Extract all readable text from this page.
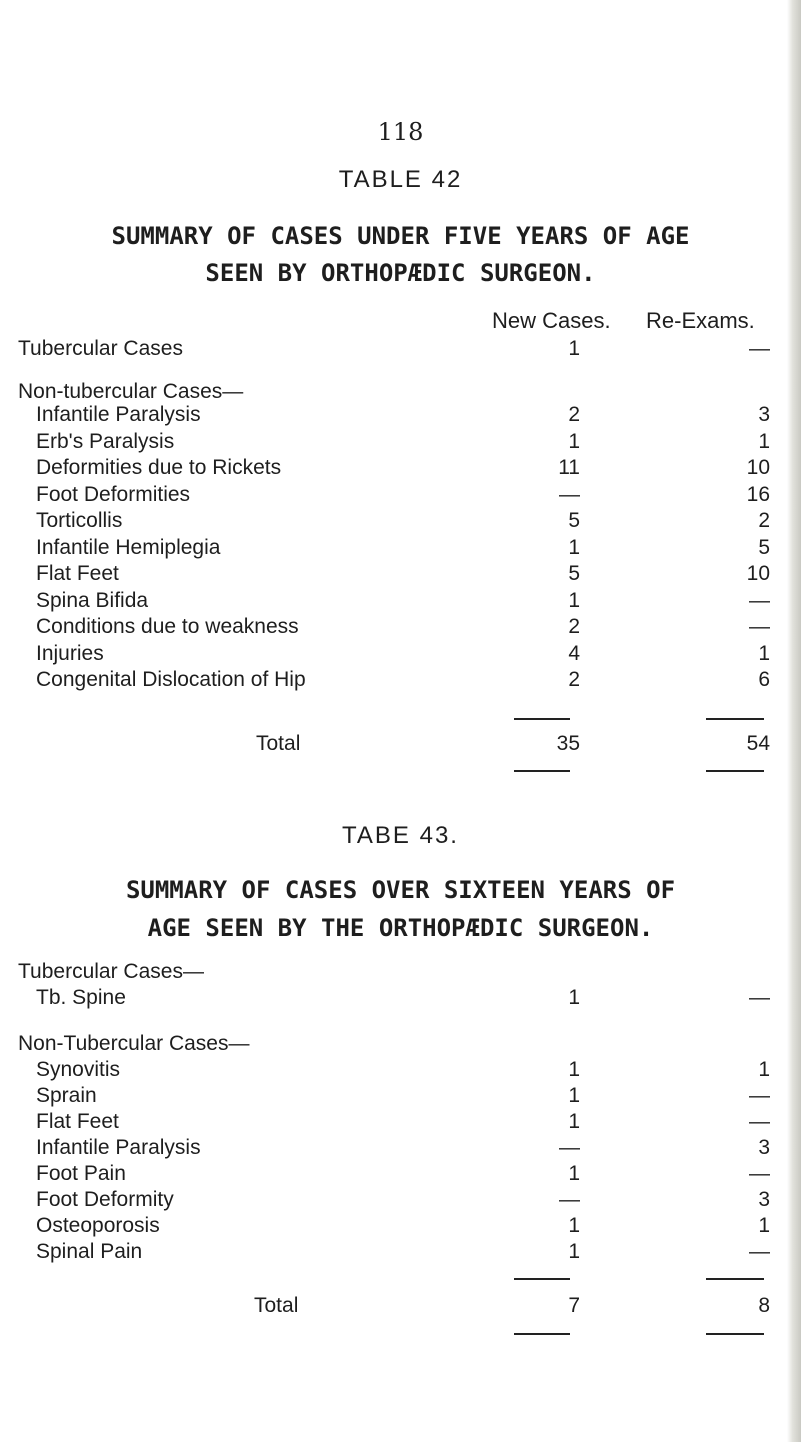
118
TABLE 42
SUMMARY OF CASES UNDER FIVE YEARS OF AGE
SEEN BY ORTHOPÆDIC SURGEON.
New Cases. Re-Exams.
Tubercular Cases	1	—
Non-tubercular Cases—
Infantile Paralysis	2	3
Erb's Paralysis	1	1
Deformities due to Rickets	11	10
Foot Deformities	—	16
Torticollis	5	2
Infantile Hemiplegia	1	5
Flat Feet	5	10
Spina Bifida	1	—
Conditions due to weakness	2	—
Injuries	4	1
Congenital Dislocation of Hip	2	6
Total	35	54
TABE 43.
SUMMARY OF CASES OVER SIXTEEN YEARS OF
AGE SEEN BY THE ORTHOPÆDIC SURGEON.
Tubercular Cases—
Tb. Spine	1	—
Non-Tubercular Cases—
Synovitis	1	1
Sprain	1	—
Flat Feet	1	—
Infantile Paralysis	—	3
Foot Pain	1	—
Foot Deformity	—	3
Osteoporosis	1	1
Spinal Pain	1	—
Total	7	8
